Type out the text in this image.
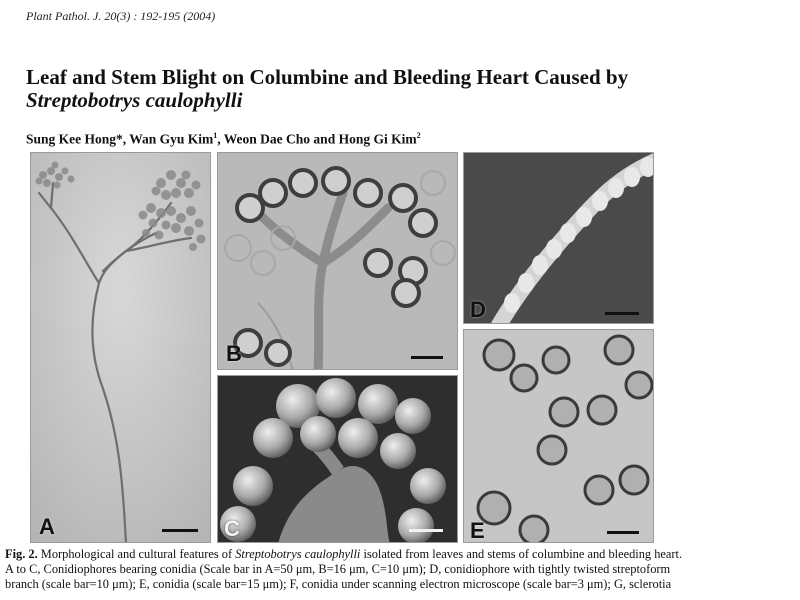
Plant Pathol. J. 20(3) : 192-195 (2004)
Leaf and Stem Blight on Columbine and Bleeding Heart Caused by
Streptobotrys caulophylli
Sung Kee Hong*, Wan Gyu Kim$^1$, Weon Dae Cho and Hong Gi Kim$^2$
A
B
C
D
E

Fig. 2. Morphological and cultural features of Streptobotrys caulophylli isolated from leaves and stems of columbine and bleeding heart.

A to C, Conidiophores bearing conidia (Scale bar in A=50 μm, B=16 μm, C=10 μm); D, conidiophore with tightly twisted streptoform

branch (scale bar=10 μm); E, conidia (scale bar=15 μm); F, conidia under scanning electron microscope (scale bar=3 μm); G, sclerotia
